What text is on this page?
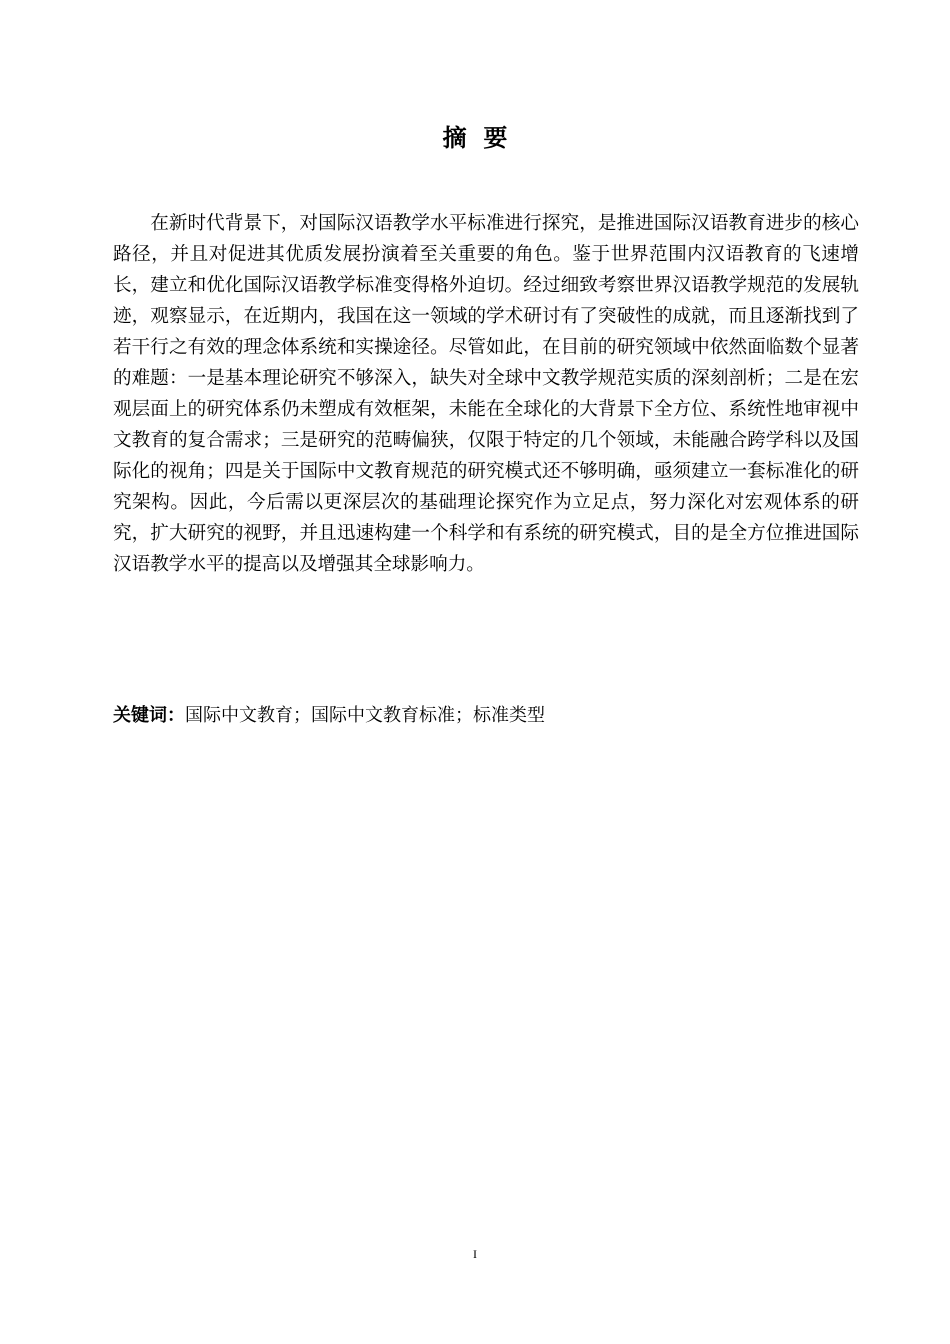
摘  要

在新时代背景下，对国际汉语教学水平标准进行探究，是推进国际汉语教育进步的核心路径，并且对促进其优质发展扮演着至关重要的角色。鉴于世界范围内汉语教育的飞速增长，建立和优化国际汉语教学标准变得格外迫切。经过细致考察世界汉语教学规范的发展轨迹，观察显示，在近期内，我国在这一领域的学术研讨有了突破性的成就，而且逐渐找到了若干行之有效的理念体系统和实操途径。尽管如此，在目前的研究领域中依然面临数个显著的难题：一是基本理论研究不够深入，缺失对全球中文教学规范实质的深刻剖析；二是在宏观层面上的研究体系仍未塑成有效框架，未能在全球化的大背景下全方位、系统性地审视中文教育的复合需求；三是研究的范畴偏狭，仅限于特定的几个领域，未能融合跨学科以及国际化的视角；四是关于国际中文教育规范的研究模式还不够明确，亟须建立一套标准化的研究架构。因此，今后需以更深层次的基础理论探究作为立足点，努力深化对宏观体系的研究，扩大研究的视野，并且迅速构建一个科学和有系统的研究模式，目的是全方位推进国际汉语教学水平的提高以及增强其全球影响力。

关键词：国际中文教育；国际中文教育标准；标准类型

I
